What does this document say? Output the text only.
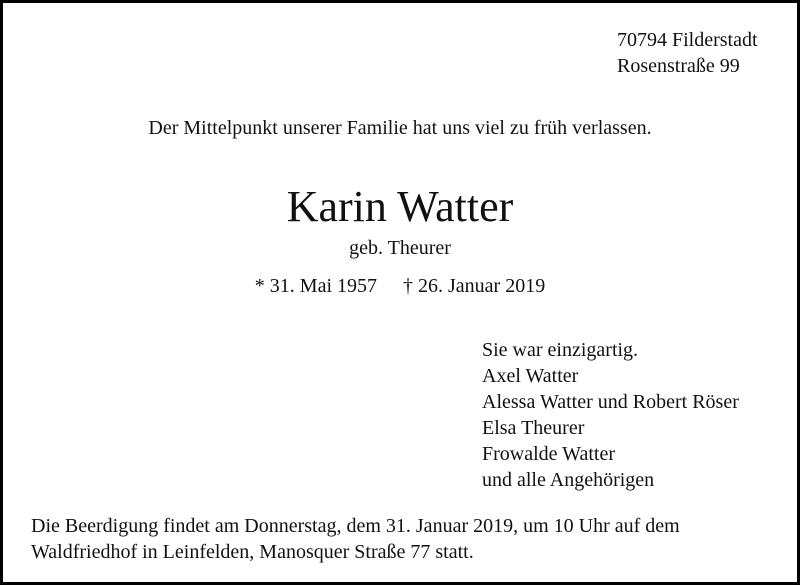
70794 Filderstadt
Rosenstraße 99
Der Mittelpunkt unserer Familie hat uns viel zu früh verlassen.
Karin Watter
geb. Theurer
* 31. Mai 1957 † 26. Januar 2019
Sie war einzigartig.
Axel Watter
Alessa Watter und Robert Röser
Elsa Theurer
Frowalde Watter
und alle Angehörigen
Die Beerdigung findet am Donnerstag, dem 31. Januar 2019, um 10 Uhr auf dem
Waldfriedhof in Leinfelden, Manosquer Straße 77 statt.
